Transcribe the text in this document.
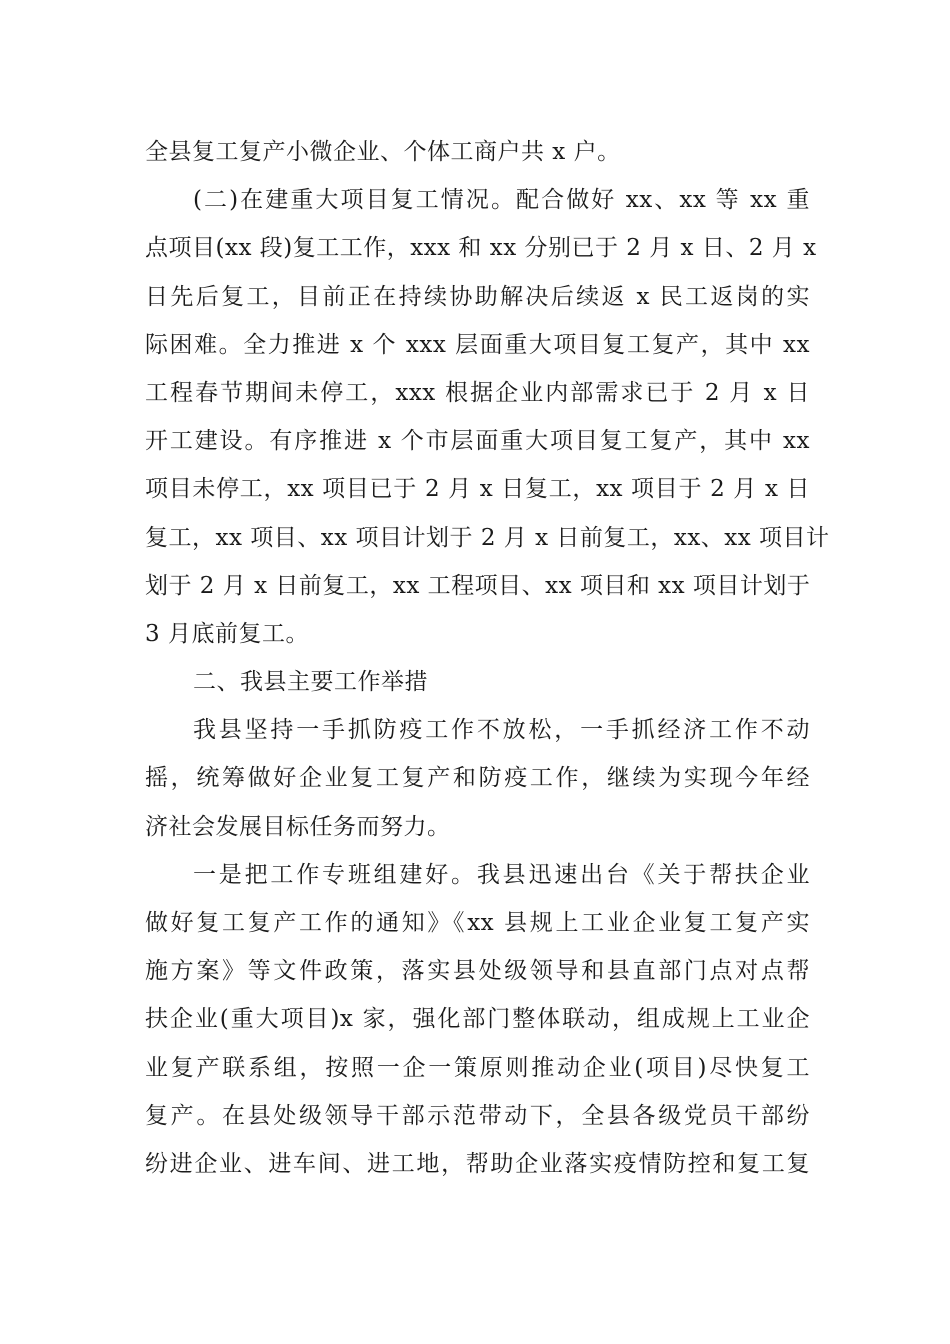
全县复工复产小微企业、个体工商户共 x 户。
(二)在建重大项目复工情况。配合做好 xx、xx 等 xx 重
点项目(xx 段)复工工作，xxx 和 xx 分别已于 2 月 x 日、2 月 x
日先后复工，目前正在持续协助解决后续返 x 民工返岗的实
际困难。全力推进 x 个 xxx 层面重大项目复工复产，其中 xx
工程春节期间未停工，xxx 根据企业内部需求已于 2 月 x 日
开工建设。有序推进 x 个市层面重大项目复工复产，其中 xx
项目未停工，xx 项目已于 2 月 x 日复工，xx 项目于 2 月 x 日
复工，xx 项目、xx 项目计划于 2 月 x 日前复工，xx、xx 项目计
划于 2 月 x 日前复工，xx 工程项目、xx 项目和 xx 项目计划于
3 月底前复工。
二、我县主要工作举措
我县坚持一手抓防疫工作不放松，一手抓经济工作不动
摇，统筹做好企业复工复产和防疫工作，继续为实现今年经
济社会发展目标任务而努力。
一是把工作专班组建好。我县迅速出台《关于帮扶企业
做好复工复产工作的通知》《xx 县规上工业企业复工复产实
施方案》等文件政策，落实县处级领导和县直部门点对点帮
扶企业(重大项目)x 家，强化部门整体联动，组成规上工业企
业复产联系组，按照一企一策原则推动企业(项目)尽快复工
复产。在县处级领导干部示范带动下，全县各级党员干部纷
纷进企业、进车间、进工地，帮助企业落实疫情防控和复工复
